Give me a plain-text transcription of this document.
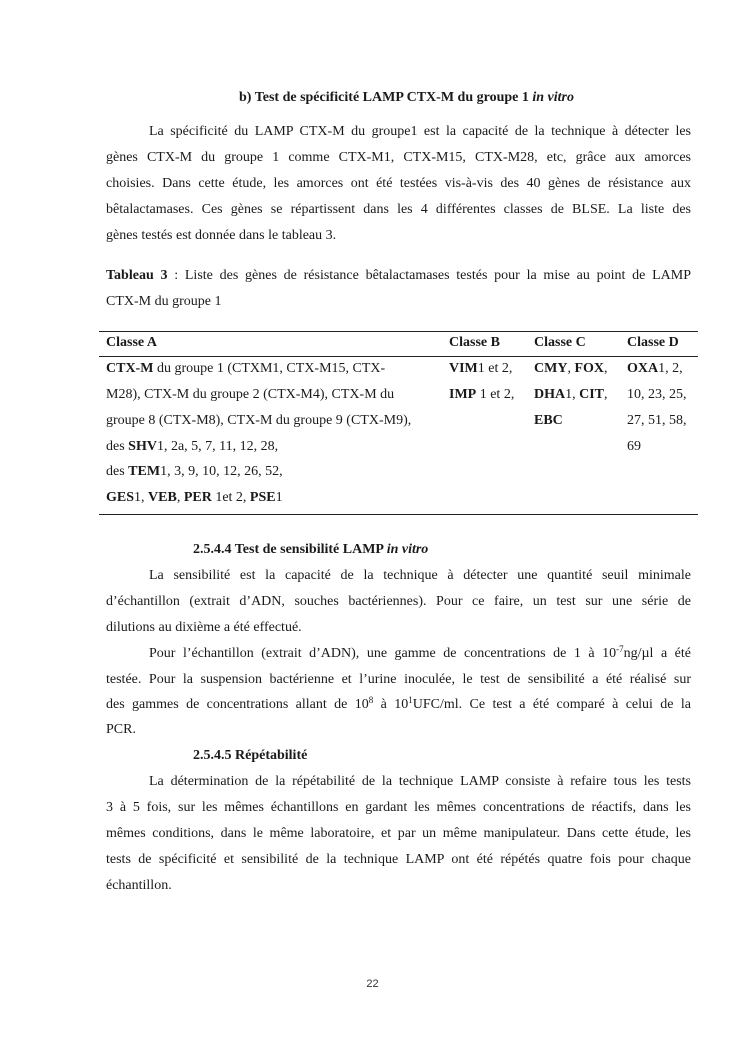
b) Test de spécificité LAMP CTX-M du groupe 1 in vitro
La spécificité du LAMP CTX-M du groupe1 est la capacité de la technique à détecter les
gènes CTX-M du groupe 1 comme CTX-M1, CTX-M15, CTX-M28, etc, grâce aux amorces
choisies. Dans cette étude, les amorces ont été testées vis-à-vis des 40 gènes de résistance aux
bêtalactamases. Ces gènes se répartissent dans les 4 différentes classes de BLSE. La liste des
gènes testés est donnée dans le tableau 3.
Tableau 3 : Liste des gènes de résistance bêtalactamases testés pour la mise au point de LAMP
CTX-M du groupe 1
Classe A	Classe B Classe C	Classe D
CTX-M du groupe 1 (CTXM1, CTX-M15, CTX-
M28), CTX-M du groupe 2 (CTX-M4), CTX-M du
groupe 8 (CTX-M8), CTX-M du groupe 9 (CTX-M9),
des SHV1, 2a, 5, 7, 11, 12, 28,
des TEM1, 3, 9, 10, 12, 26, 52,
GES1, VEB, PER 1et 2, PSE1
VIM1 et 2,
IMP 1 et 2,
CMY, FOX,
DHA1, CIT,
EBC
OXA1, 2,
10, 23, 25,
27, 51, 58,
69
2.5.4.4 Test de sensibilité LAMP in vitro
La sensibilité est la capacité de la technique à détecter une quantité seuil minimale
d’échantillon (extrait d’ADN, souches bactériennes). Pour ce faire, un test sur une série de
dilutions au dixième a été effectué.
Pour l’échantillon (extrait d’ADN), une gamme de concentrations de 1 à $10^{-7}ng/\mu l$ a été
testée. Pour la suspension bactérienne et l’urine inoculée, le test de sensibilité a été réalisé sur
des gammes de concentrations allant de $10^8$ à $10^1UFC/ml$. Ce test a été comparé à celui de la
PCR.
2.5.4.5 Répétabilité
La détermination de la répétabilité de la technique LAMP consiste à refaire tous les tests
3 à 5 fois, sur les mêmes échantillons en gardant les mêmes concentrations de réactifs, dans les
mêmes conditions, dans le même laboratoire, et par un même manipulateur. Dans cette étude, les
tests de spécificité et sensibilité de la technique LAMP ont été répétés quatre fois pour chaque
échantillon.
22
